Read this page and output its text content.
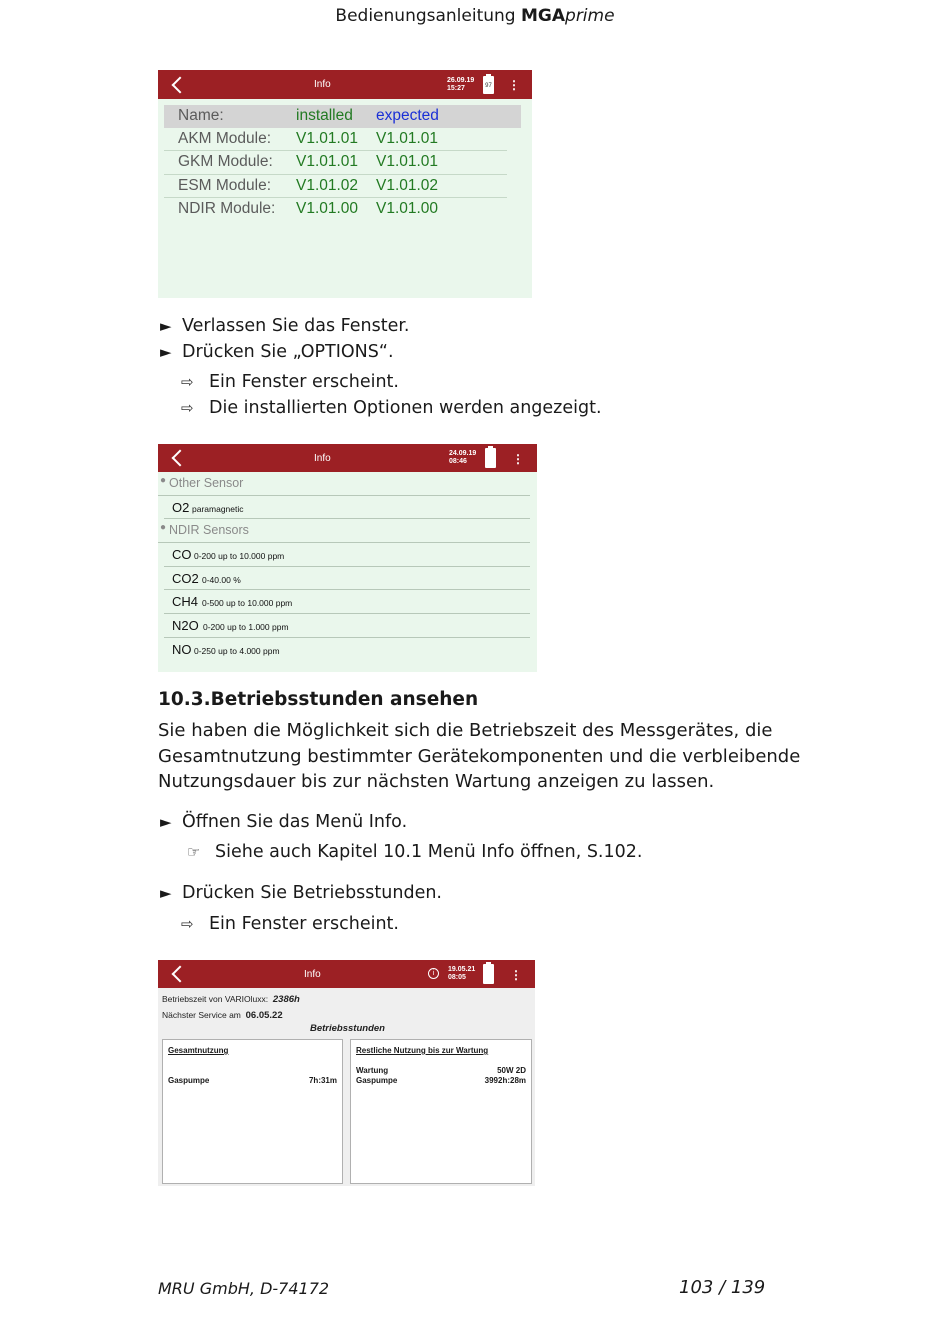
Bedienungsanleitung MGAprime
Info	26.09.19
15:27	97 ⋮
Name:	installed expected
AKM Module: V1.01.01 V1.01.01
GKM Module: V1.01.01 V1.01.01
ESM Module: V1.01.02 V1.01.02
NDIR Module: V1.01.00 V1.01.00
► Verlassen Sie das Fenster.
► Drücken Sie „OPTIONS“.
⇨ Ein Fenster erscheint.
⇨ Die installierten Optionen werden angezeigt.
Info	24.09.19
08:46	⋮
● Other Sensor
O2 paramagnetic
● NDIR Sensors
CO 0-200 up to 10.000 ppm
CO2 0-40.00 %
CH4 0-500 up to 10.000 ppm
N2O 0-200 up to 1.000 ppm
NO 0-250 up to 4.000 ppm
10.3.Betriebsstunden ansehen
Sie haben die Möglichkeit sich die Betriebszeit des Messgerätes, die Gesamtnutzung bestimmter Gerätekomponenten und die verbleibende Nutzungsdauer bis zur nächsten Wartung anzeigen zu lassen.
► Öffnen Sie das Menü Info.
☞ Siehe auch Kapitel 10.1 Menü Info öffnen, S.102.
► Drücken Sie Betriebsstunden.
⇨ Ein Fenster erscheint.
Info	i
19.05.21
08:05	⋮
Betriebszeit von VARIOluxx: 2386h
Nächster Service am 06.05.22
Betriebsstunden
Gesamtnutzung
Gaspumpe	7h:31m
Restliche Nutzung bis zur Wartung
Wartung	50W 2D
Gaspumpe	3992h:28m
MRU GmbH, D-74172	103 / 139
